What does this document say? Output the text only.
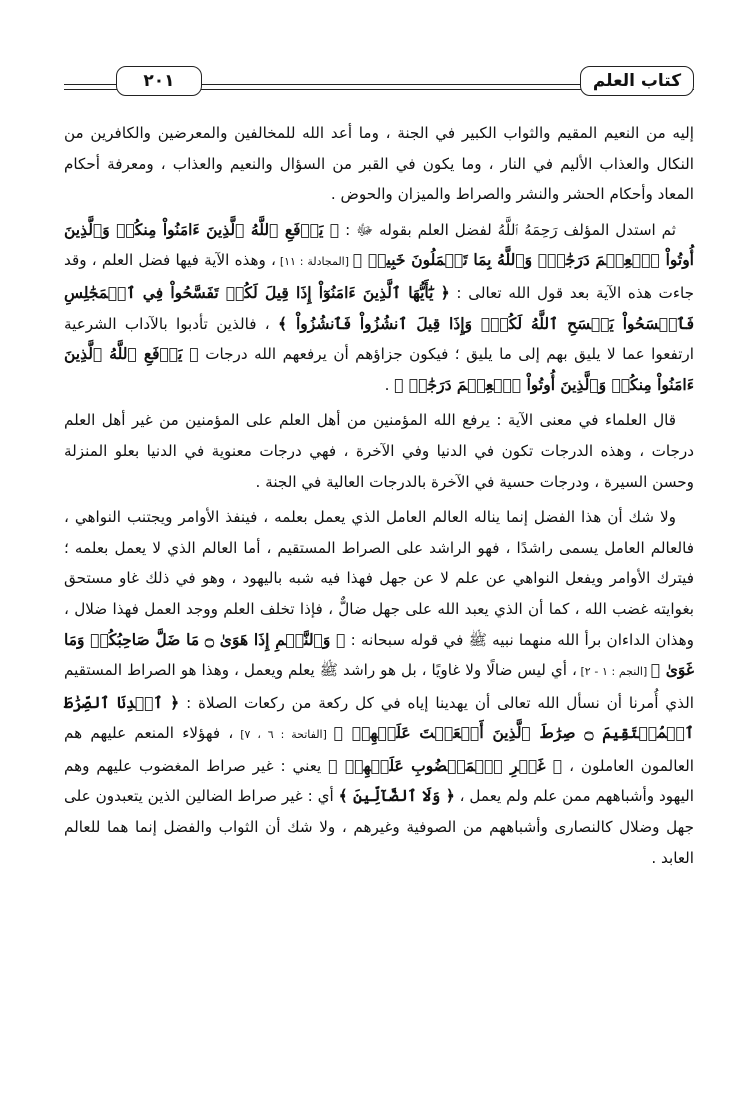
كتاب العلم
٢٠١

إليه من النعيم المقيم والثواب الكبير في الجنة ، وما أعد الله للمخالفين والمعرضين والكافرين من النكال والعذاب الأليم في النار ، وما يكون في القبر من السؤال والنعيم والعذاب ، ومعرفة أحكام المعاد وأحكام الحشر والنشر والصراط والميزان والحوض .

ثم استدل المؤلف رَحِمَهُ ٱللَّهُ لفضل العلم بقوله ﷻ : ﴿ يَرۡفَعِ ٱللَّهُ ٱلَّذِينَ ءَامَنُواْ مِنكُمۡ وَٱلَّذِينَ أُوتُواْ ٱلۡعِلۡمَ دَرَجَٰتٖۚ وَٱللَّهُ بِمَا تَعۡمَلُونَ خَبِيرٞ ﴾ [المجادلة : ١١] ، وهذه الآية فيها فضل العلم ، وقد جاءت هذه الآية بعد قول الله تعالى : ﴿ يَٰٓأَيُّهَا ٱلَّذِينَ ءَامَنُوٓاْ إِذَا قِيلَ لَكُمۡ تَفَسَّحُواْ فِي ٱلۡمَجَٰلِسِ فَٱفۡسَحُواْ يَفۡسَحِ ٱللَّهُ لَكُمۡۖ وَإِذَا قِيلَ ٱنشُزُواْ فَٱنشُزُواْ ﴾ ، فالذين تأدبوا بالآداب الشرعية ارتفعوا عما لا يليق بهم إلى ما يليق ؛ فيكون جزاؤهم أن يرفعهم الله درجات ﴿ يَرۡفَعِ ٱللَّهُ ٱلَّذِينَ ءَامَنُواْ مِنكُمۡ وَٱلَّذِينَ أُوتُواْ ٱلۡعِلۡمَ دَرَجَٰتٖ ﴾ .

قال العلماء في معنى الآية : يرفع الله المؤمنين من أهل العلم على المؤمنين من غير أهل العلم درجات ، وهذه الدرجات تكون في الدنيا وفي الآخرة ، فهي درجات معنوية في الدنيا بعلو المنزلة وحسن السيرة ، ودرجات حسية في الآخرة بالدرجات العالية في الجنة .

ولا شك أن هذا الفضل إنما يناله العالم العامل الذي يعمل بعلمه ، فينفذ الأوامر ويجتنب النواهي ، فالعالم العامل يسمى راشدًا ، فهو الراشد على الصراط المستقيم ، أما العالم الذي لا يعمل بعلمه ؛ فيترك الأوامر ويفعل النواهي عن علم لا عن جهل فهذا فيه شبه باليهود ، وهو في ذلك غاو مستحق بغوايته غضب الله ، كما أن الذي يعبد الله على جهل ضالٌّ ، فإذا تخلف العلم ووجد العمل فهذا ضلال ، وهذان الداءان برأ الله منهما نبيه ﷺ في قوله سبحانه : ﴿ وَٱلنَّجۡمِ إِذَا هَوَىٰ ۝ مَا ضَلَّ صَاحِبُكُمۡ وَمَا غَوَىٰ ﴾ [النجم : ١ - ٢] ، أي ليس ضالًا ولا غاويًا ، بل هو راشد ﷺ يعلم ويعمل ، وهذا هو الصراط المستقيم الذي أُمرنا أن نسأل الله تعالى أن يهدينا إياه في كل ركعة من ركعات الصلاة : ﴿ ٱهۡدِنَا ٱلصِّرَٰطَ ٱلۡمُسۡتَقِيمَ ۝ صِرَٰطَ ٱلَّذِينَ أَنۡعَمۡتَ عَلَيۡهِمۡ ﴾ [الفاتحة : ٦ ، ٧] ، فهؤلاء المنعم عليهم هم العالمون العاملون ، ﴿ غَيۡرِ ٱلۡمَغۡضُوبِ عَلَيۡهِمۡ ﴾ يعني : غير صراط المغضوب عليهم وهم اليهود وأشباههم ممن علم ولم يعمل ، ﴿ وَلَا ٱلضَّآلِّينَ ﴾ أي : غير صراط الضالين الذين يتعبدون على جهل وضلال كالنصارى وأشباههم من الصوفية وغيرهم ، ولا شك أن الثواب والفضل إنما هما للعالم العابد .
